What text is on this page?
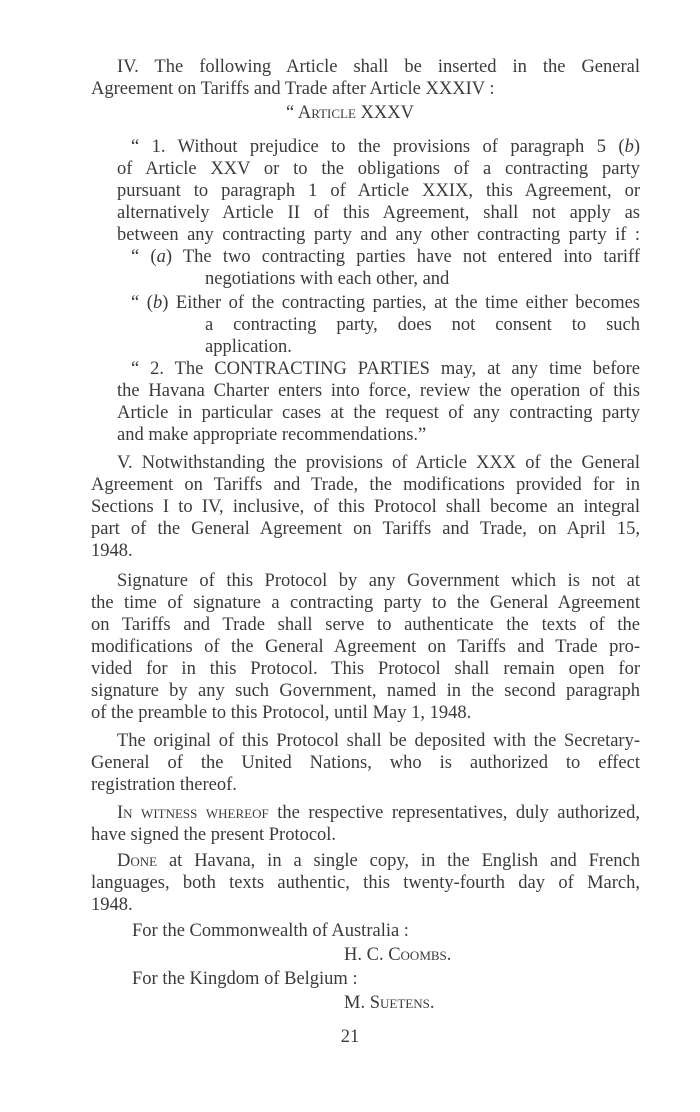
IV. The following Article shall be inserted in the General
Agreement on Tariffs and Trade after Article XXXIV :
“ Article XXXV
“ 1. Without prejudice to the provisions of paragraph 5 (b)
of Article XXV or to the obligations of a contracting party
pursuant to paragraph 1 of Article XXIX, this Agreement, or
alternatively Article II of this Agreement, shall not apply as
between any contracting party and any other contracting party if :
“ (a) The two contracting parties have not entered into tariff
negotiations with each other, and
“ (b) Either of the contracting parties, at the time either becomes
a contracting party, does not consent to such
application.
“ 2. The CONTRACTING PARTIES may, at any time before
the Havana Charter enters into force, review the operation of this
Article in particular cases at the request of any contracting party
and make appropriate recommendations.”
V. Notwithstanding the provisions of Article XXX of the General
Agreement on Tariffs and Trade, the modifications provided for in
Sections I to IV, inclusive, of this Protocol shall become an integral
part of the General Agreement on Tariffs and Trade, on April 15,
1948.
Signature of this Protocol by any Government which is not at
the time of signature a contracting party to the General Agreement
on Tariffs and Trade shall serve to authenticate the texts of the
modifications of the General Agreement on Tariffs and Trade pro-
vided for in this Protocol. This Protocol shall remain open for
signature by any such Government, named in the second paragraph
of the preamble to this Protocol, until May 1, 1948.
The original of this Protocol shall be deposited with the Secretary-
General of the United Nations, who is authorized to effect
registration thereof.
In witness whereof the respective representatives, duly authorized,
have signed the present Protocol.
Done at Havana, in a single copy, in the English and French
languages, both texts authentic, this twenty-fourth day of March,
1948.
For the Commonwealth of Australia :
H. C. Coombs.
For the Kingdom of Belgium :
M. Suetens.
21
